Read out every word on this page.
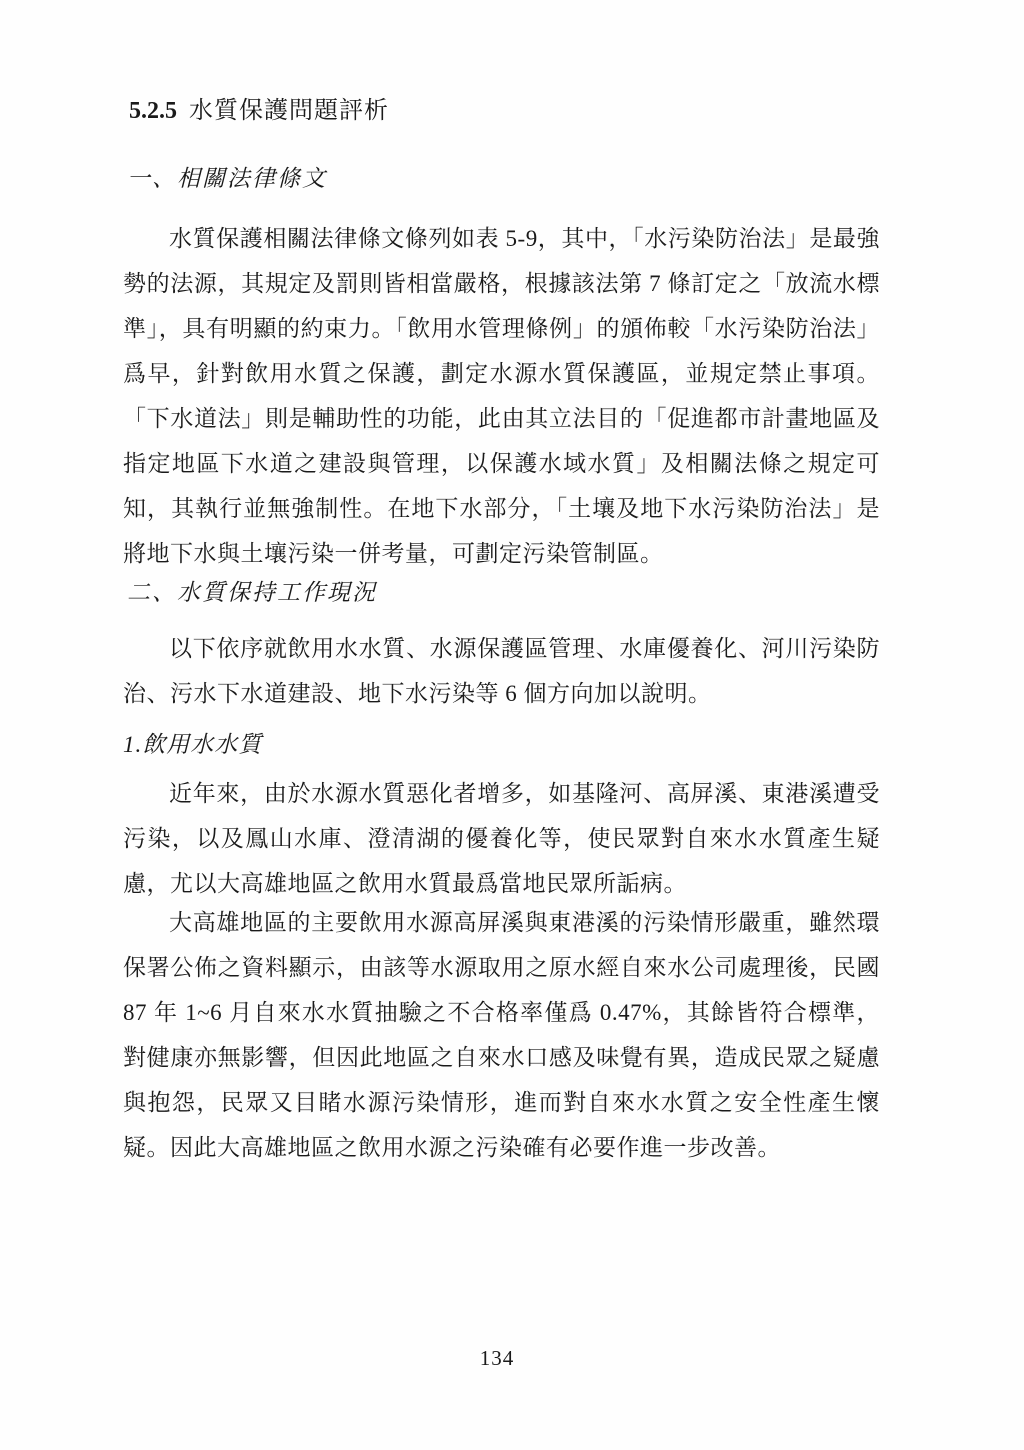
5.2.5 水質保護問題評析
一、相關法律條文

水質保護相關法律條文條列如表 5-9，其中，「水污染防治法」是最強勢的法源，其規定及罰則皆相當嚴格，根據該法第 7 條訂定之「放流水標準」，具有明顯的約束力。「飲用水管理條例」的頒佈較「水污染防治法」爲早，針對飲用水質之保護，劃定水源水質保護區，並規定禁止事項。「下水道法」則是輔助性的功能，此由其立法目的「促進都市計畫地區及指定地區下水道之建設與管理，以保護水域水質」及相關法條之規定可知，其執行並無強制性。在地下水部分，「土壤及地下水污染防治法」是將地下水與土壤污染一併考量，可劃定污染管制區。

二、水質保持工作現況

以下依序就飲用水水質、水源保護區管理、水庫優養化、河川污染防治、污水下水道建設、地下水污染等 6 個方向加以說明。

1.飲用水水質

近年來，由於水源水質惡化者增多，如基隆河、高屏溪、東港溪遭受污染，以及鳳山水庫、澄清湖的優養化等，使民眾對自來水水質產生疑慮，尤以大高雄地區之飲用水質最爲當地民眾所詬病。

大高雄地區的主要飲用水源高屏溪與東港溪的污染情形嚴重，雖然環保署公佈之資料顯示，由該等水源取用之原水經自來水公司處理後，民國 87 年 1~6 月自來水水質抽驗之不合格率僅爲 0.47%，其餘皆符合標準，對健康亦無影響，但因此地區之自來水口感及味覺有異，造成民眾之疑慮與抱怨，民眾又目睹水源污染情形，進而對自來水水質之安全性產生懷疑。因此大高雄地區之飲用水源之污染確有必要作進一步改善。

134
